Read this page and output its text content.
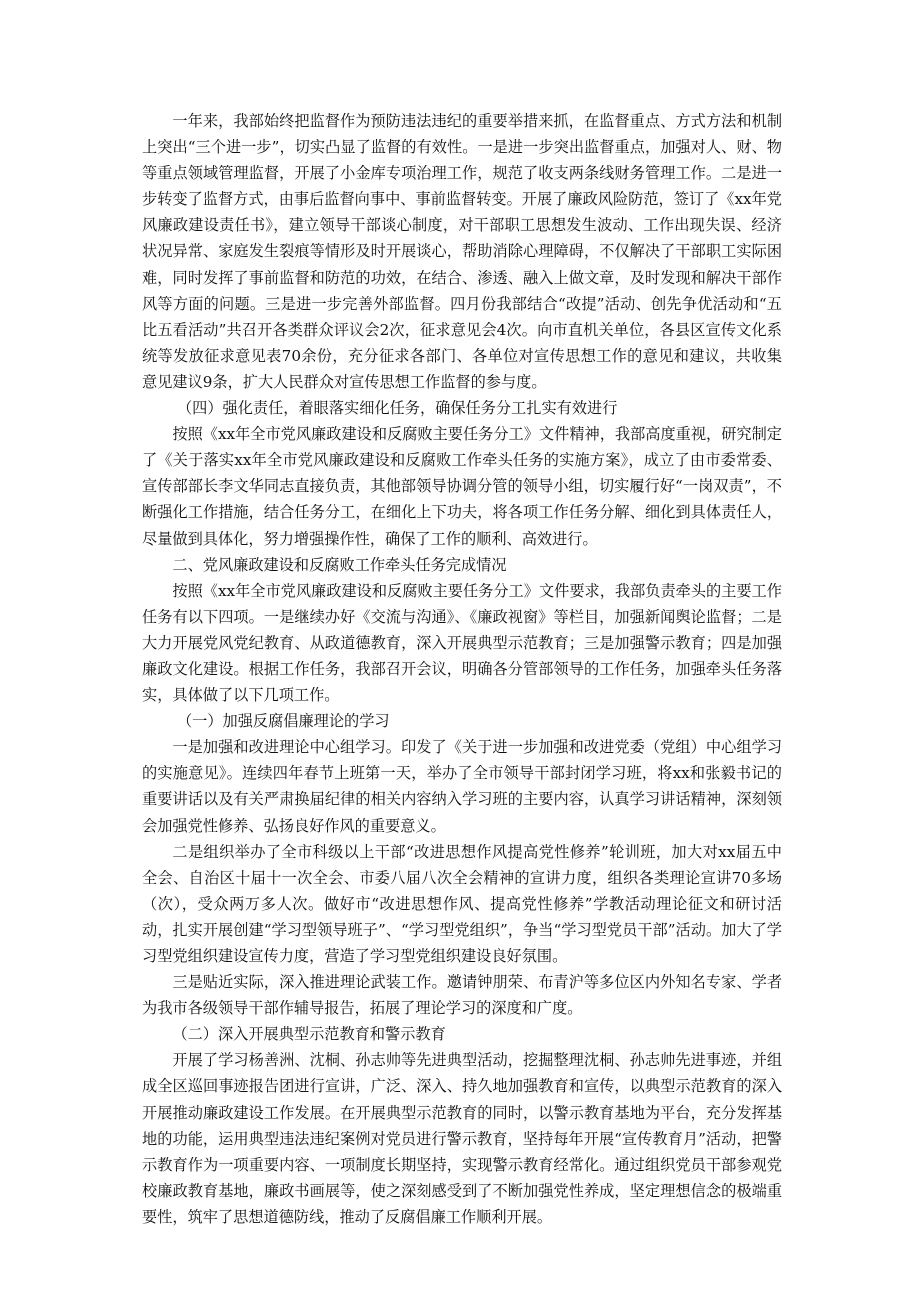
一年来，我部始终把监督作为预防违法违纪的重要举措来抓，在监督重点、方式方法和机制上突出“三个进一步”，切实凸显了监督的有效性。一是进一步突出监督重点，加强对人、财、物等重点领域管理监督，开展了小金库专项治理工作，规范了收支两条线财务管理工作。二是进一步转变了监督方式，由事后监督向事中、事前监督转变。开展了廉政风险防范，签订了《xx年党风廉政建设责任书》，建立领导干部谈心制度，对干部职工思想发生波动、工作出现失误、经济状况异常、家庭发生裂痕等情形及时开展谈心，帮助消除心理障碍，不仅解决了干部职工实际困难，同时发挥了事前监督和防范的功效，在结合、渗透、融入上做文章，及时发现和解决干部作风等方面的问题。三是进一步完善外部监督。四月份我部结合“改提”活动、创先争优活动和“五比五看活动”共召开各类群众评议会2次，征求意见会4次。向市直机关单位，各县区宣传文化系统等发放征求意见表70余份，充分征求各部门、各单位对宣传思想工作的意见和建议，共收集意见建议9条，扩大人民群众对宣传思想工作监督的参与度。

（四）强化责任，着眼落实细化任务，确保任务分工扎实有效进行

按照《xx年全市党风廉政建设和反腐败主要任务分工》文件精神，我部高度重视，研究制定了《关于落实xx年全市党风廉政建设和反腐败工作牵头任务的实施方案》，成立了由市委常委、宣传部部长李文华同志直接负责，其他部领导协调分管的领导小组，切实履行好“一岗双责”，不断强化工作措施，结合任务分工，在细化上下功夫，将各项工作任务分解、细化到具体责任人，尽量做到具体化，努力增强操作性，确保了工作的顺利、高效进行。

二、党风廉政建设和反腐败工作牵头任务完成情况

按照《xx年全市党风廉政建设和反腐败主要任务分工》文件要求，我部负责牵头的主要工作任务有以下四项。一是继续办好《交流与沟通》、《廉政视窗》等栏目，加强新闻舆论监督；二是大力开展党风党纪教育、从政道德教育，深入开展典型示范教育；三是加强警示教育；四是加强廉政文化建设。根据工作任务，我部召开会议，明确各分管部领导的工作任务，加强牵头任务落实，具体做了以下几项工作。

（一）加强反腐倡廉理论的学习

一是加强和改进理论中心组学习。印发了《关于进一步加强和改进党委（党组）中心组学习的实施意见》。连续四年春节上班第一天，举办了全市领导干部封闭学习班，将xx和张毅书记的重要讲话以及有关严肃换届纪律的相关内容纳入学习班的主要内容，认真学习讲话精神，深刻领会加强党性修养、弘扬良好作风的重要意义。

二是组织举办了全市科级以上干部“改进思想作风提高党性修养”轮训班，加大对xx届五中全会、自治区十届十一次全会、市委八届八次全会精神的宣讲力度，组织各类理论宣讲70多场（次），受众两万多人次。做好市“改进思想作风、提高党性修养”学教活动理论征文和研讨活动，扎实开展创建“学习型领导班子”、“学习型党组织”，争当“学习型党员干部”活动。加大了学习型党组织建设宣传力度，营造了学习型党组织建设良好氛围。

三是贴近实际，深入推进理论武装工作。邀请钟朋荣、布青沪等多位区内外知名专家、学者为我市各级领导干部作辅导报告，拓展了理论学习的深度和广度。

（二）深入开展典型示范教育和警示教育

开展了学习杨善洲、沈桐、孙志帅等先进典型活动，挖掘整理沈桐、孙志帅先进事迹，并组成全区巡回事迹报告团进行宣讲，广泛、深入、持久地加强教育和宣传，以典型示范教育的深入开展推动廉政建设工作发展。在开展典型示范教育的同时，以警示教育基地为平台，充分发挥基地的功能，运用典型违法违纪案例对党员进行警示教育，坚持每年开展“宣传教育月”活动，把警示教育作为一项重要内容、一项制度长期坚持，实现警示教育经常化。通过组织党员干部参观党校廉政教育基地，廉政书画展等，使之深刻感受到了不断加强党性养成，坚定理想信念的极端重要性，筑牢了思想道德防线，推动了反腐倡廉工作顺利开展。
